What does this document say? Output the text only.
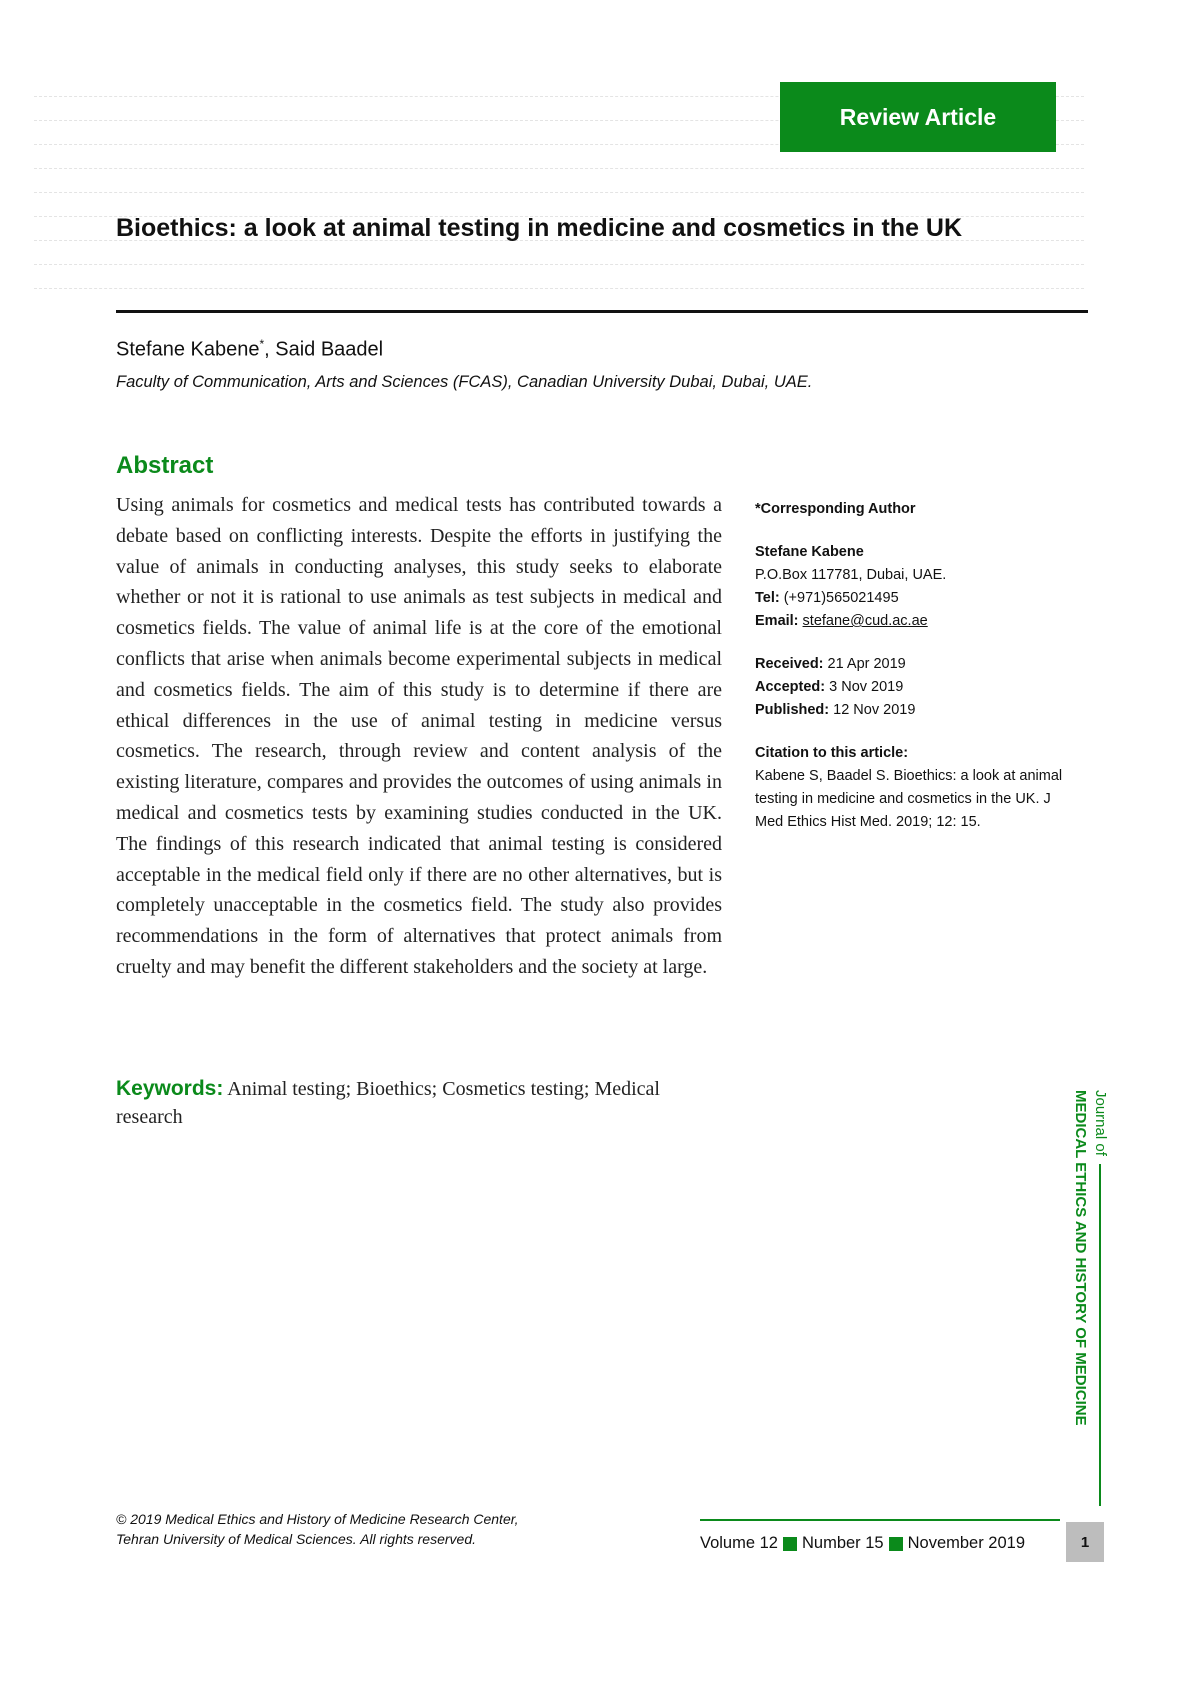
Review Article
Bioethics: a look at animal testing in medicine and cosmetics in the UK
Stefane Kabene*, Said Baadel
Faculty of Communication, Arts and Sciences (FCAS), Canadian University Dubai, Dubai, UAE.
Abstract
Using animals for cosmetics and medical tests has contributed towards a debate based on conflicting interests. Despite the efforts in justifying the value of animals in conducting analyses, this study seeks to elaborate whether or not it is rational to use animals as test subjects in medical and cosmetics fields. The value of animal life is at the core of the emotional conflicts that arise when animals become experimental subjects in medical and cosmetics fields. The aim of this study is to determine if there are ethical differences in the use of animal testing in medicine versus cosmetics. The research, through review and content analysis of the existing literature, compares and provides the outcomes of using animals in medical and cosmetics tests by examining studies conducted in the UK. The findings of this research indicated that animal testing is considered acceptable in the medical field only if there are no other alternatives, but is completely unacceptable in the cosmetics field. The study also provides recommendations in the form of alternatives that protect animals from cruelty and may benefit the different stakeholders and the society at large.
Keywords: Animal testing; Bioethics; Cosmetics testing; Medical research
*Corresponding Author
Stefane Kabene
P.O.Box 117781, Dubai, UAE.
Tel: (+971)565021495
Email: stefane@cud.ac.ae
Received: 21 Apr 2019
Accepted: 3 Nov 2019
Published: 12 Nov 2019
Citation to this article:
Kabene S, Baadel S. Bioethics: a look at animal testing in medicine and cosmetics in the UK. J Med Ethics Hist Med. 2019; 12: 15.
Journal of
MEDICAL ETHICS AND HISTORY OF MEDICINE
© 2019 Medical Ethics and History of Medicine Research Center,
Tehran University of Medical Sciences. All rights reserved.	Volume 12 Number 15 November 2019	1
